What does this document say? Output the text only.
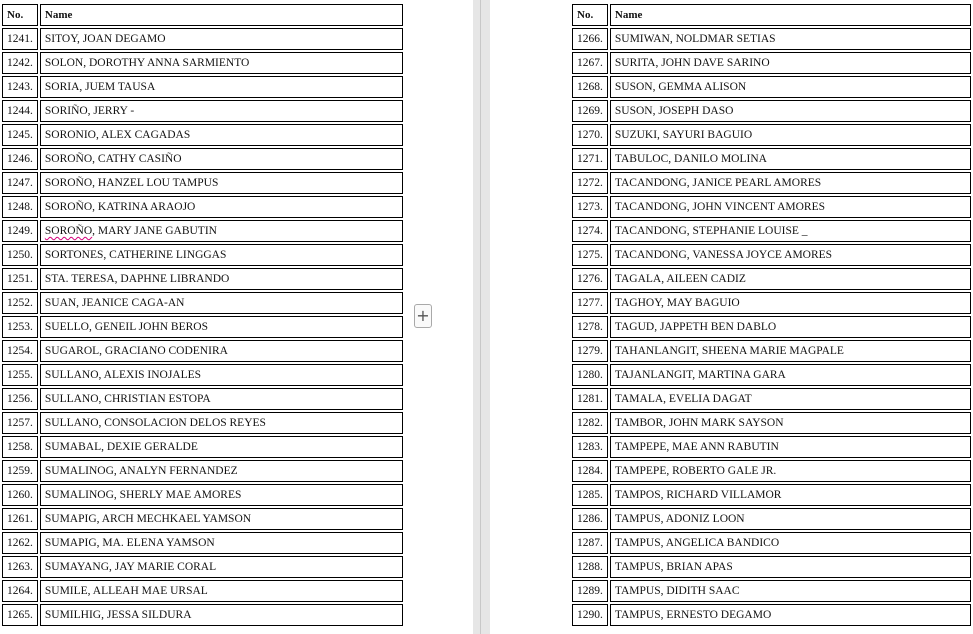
No.	Name
1241.	SITOY, JOAN DEGAMO
1242.	SOLON, DOROTHY ANNA SARMIENTO
1243.	SORIA, JUEM TAUSA
1244.	SORIÑO, JERRY -
1245.	SORONIO, ALEX CAGADAS
1246.	SOROÑO, CATHY CASIÑO
1247.	SOROÑO, HANZEL LOU TAMPUS
1248.	SOROÑO, KATRINA ARAOJO
1249.	SOROÑO, MARY JANE GABUTIN
1250.	SORTONES, CATHERINE LINGGAS
1251.	STA. TERESA, DAPHNE LIBRANDO
1252.	SUAN, JEANICE CAGA-AN
1253.	SUELLO, GENEIL JOHN BEROS
1254.	SUGAROL, GRACIANO CODENIRA
1255.	SULLANO, ALEXIS INOJALES
1256.	SULLANO, CHRISTIAN ESTOPA
1257.	SULLANO, CONSOLACION DELOS REYES
1258.	SUMABAL, DEXIE GERALDE
1259.	SUMALINOG, ANALYN FERNANDEZ
1260.	SUMALINOG, SHERLY MAE AMORES
1261.	SUMAPIG, ARCH MECHKAEL YAMSON
1262.	SUMAPIG, MA. ELENA YAMSON
1263.	SUMAYANG, JAY MARIE CORAL
1264.	SUMILE, ALLEAH MAE URSAL
1265.	SUMILHIG, JESSA SILDURA
No.	Name
1266.	SUMIWAN, NOLDMAR SETIAS
1267.	SURITA, JOHN DAVE SARINO
1268.	SUSON, GEMMA ALISON
1269.	SUSON, JOSEPH DASO
1270.	SUZUKI, SAYURI BAGUIO
1271.	TABULOC, DANILO MOLINA
1272.	TACANDONG, JANICE PEARL AMORES
1273.	TACANDONG, JOHN VINCENT AMORES
1274.	TACANDONG, STEPHANIE LOUISE _
1275.	TACANDONG, VANESSA JOYCE AMORES
1276.	TAGALA, AILEEN CADIZ
1277.	TAGHOY, MAY BAGUIO
1278.	TAGUD, JAPPETH BEN DABLO
1279.	TAHANLANGIT, SHEENA MARIE MAGPALE
1280.	TAJANLANGIT, MARTINA GARA
1281.	TAMALA, EVELIA DAGAT
1282.	TAMBOR, JOHN MARK SAYSON
1283.	TAMPEPE, MAE ANN RABUTIN
1284.	TAMPEPE, ROBERTO GALE JR.
1285.	TAMPOS, RICHARD VILLAMOR
1286.	TAMPUS, ADONIZ LOON
1287.	TAMPUS, ANGELICA BANDICO
1288.	TAMPUS, BRIAN APAS
1289.	TAMPUS, DIDITH SAAC
1290.	TAMPUS, ERNESTO DEGAMO
+
